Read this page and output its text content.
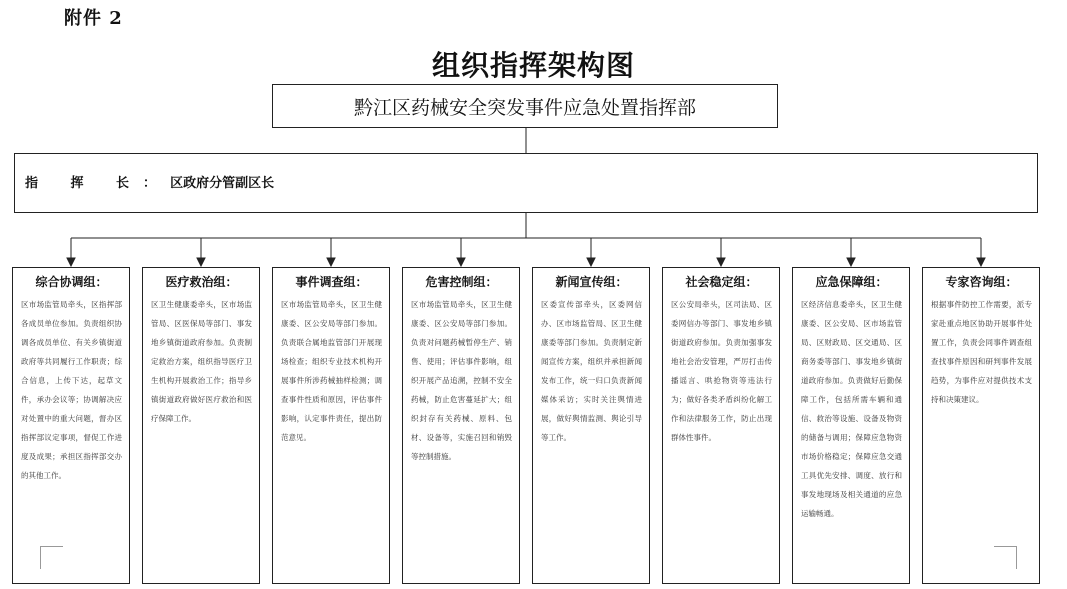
附件 2
组织指挥架构图
黔江区药械安全突发事件应急处置指挥部
指 挥 长：区政府分管副区长
综合协调组：
区市场监管局牵头，区指挥部各成员单位参加。负责组织协调各成员单位、有关乡镇街道政府等共同履行工作职责；综合信息，上传下达，起草文件，承办会议等；协调解决应对处置中的重大问题，督办区指挥部议定事项，督促工作进度及成果；承担区指挥部交办的其他工作。
医疗救治组：
区卫生健康委牵头，区市场监管局、区医保局等部门、事发地乡镇街道政府参加。负责制定救治方案，组织指导医疗卫生机构开展救治工作；指导乡镇街道政府做好医疗救治和医疗保障工作。
事件调查组：
区市场监管局牵头，区卫生健康委、区公安局等部门参加。负责联合属地监管部门开展现场检查；组织专业技术机构开展事件所涉药械抽样检测；调查事件性质和原因，评估事件影响，认定事件责任，提出防范意见。
危害控制组：
区市场监管局牵头，区卫生健康委、区公安局等部门参加。负责对问题药械暂停生产、销售、使用；评估事件影响，组织开展产品追溯，控制不安全药械，防止危害蔓延扩大；组织封存有关药械、原料、包材、设备等，实施召回和销毁等控制措施。
新闻宣传组：
区委宣传部牵头，区委网信办、区市场监管局、区卫生健康委等部门参加。负责制定新闻宣传方案，组织并承担新闻发布工作，统一归口负责新闻媒体采访；实时关注舆情进展，做好舆情监测、舆论引导等工作。
社会稳定组：
区公安局牵头，区司法局、区委网信办等部门、事发地乡镇街道政府参加。负责加强事发地社会治安管理，严厉打击传播谣言、哄抢物资等违法行为；做好各类矛盾纠纷化解工作和法律服务工作，防止出现群体性事件。
应急保障组：
区经济信息委牵头，区卫生健康委、区公安局、区市场监管局、区财政局、区交通局、区商务委等部门、事发地乡镇街道政府参加。负责做好后勤保障工作，包括所需车辆和通信、救治等设施、设备及物资的储备与调用；保障应急物资市场价格稳定；保障应急交通工具优先安排、调度、放行和事发地现场及相关通道的应急运输畅通。
专家咨询组：
根据事件防控工作需要，派专家赴重点地区协助开展事件处置工作，负责会同事件调查组查找事件原因和研判事件发展趋势，为事件应对提供技术支持和决策建议。
